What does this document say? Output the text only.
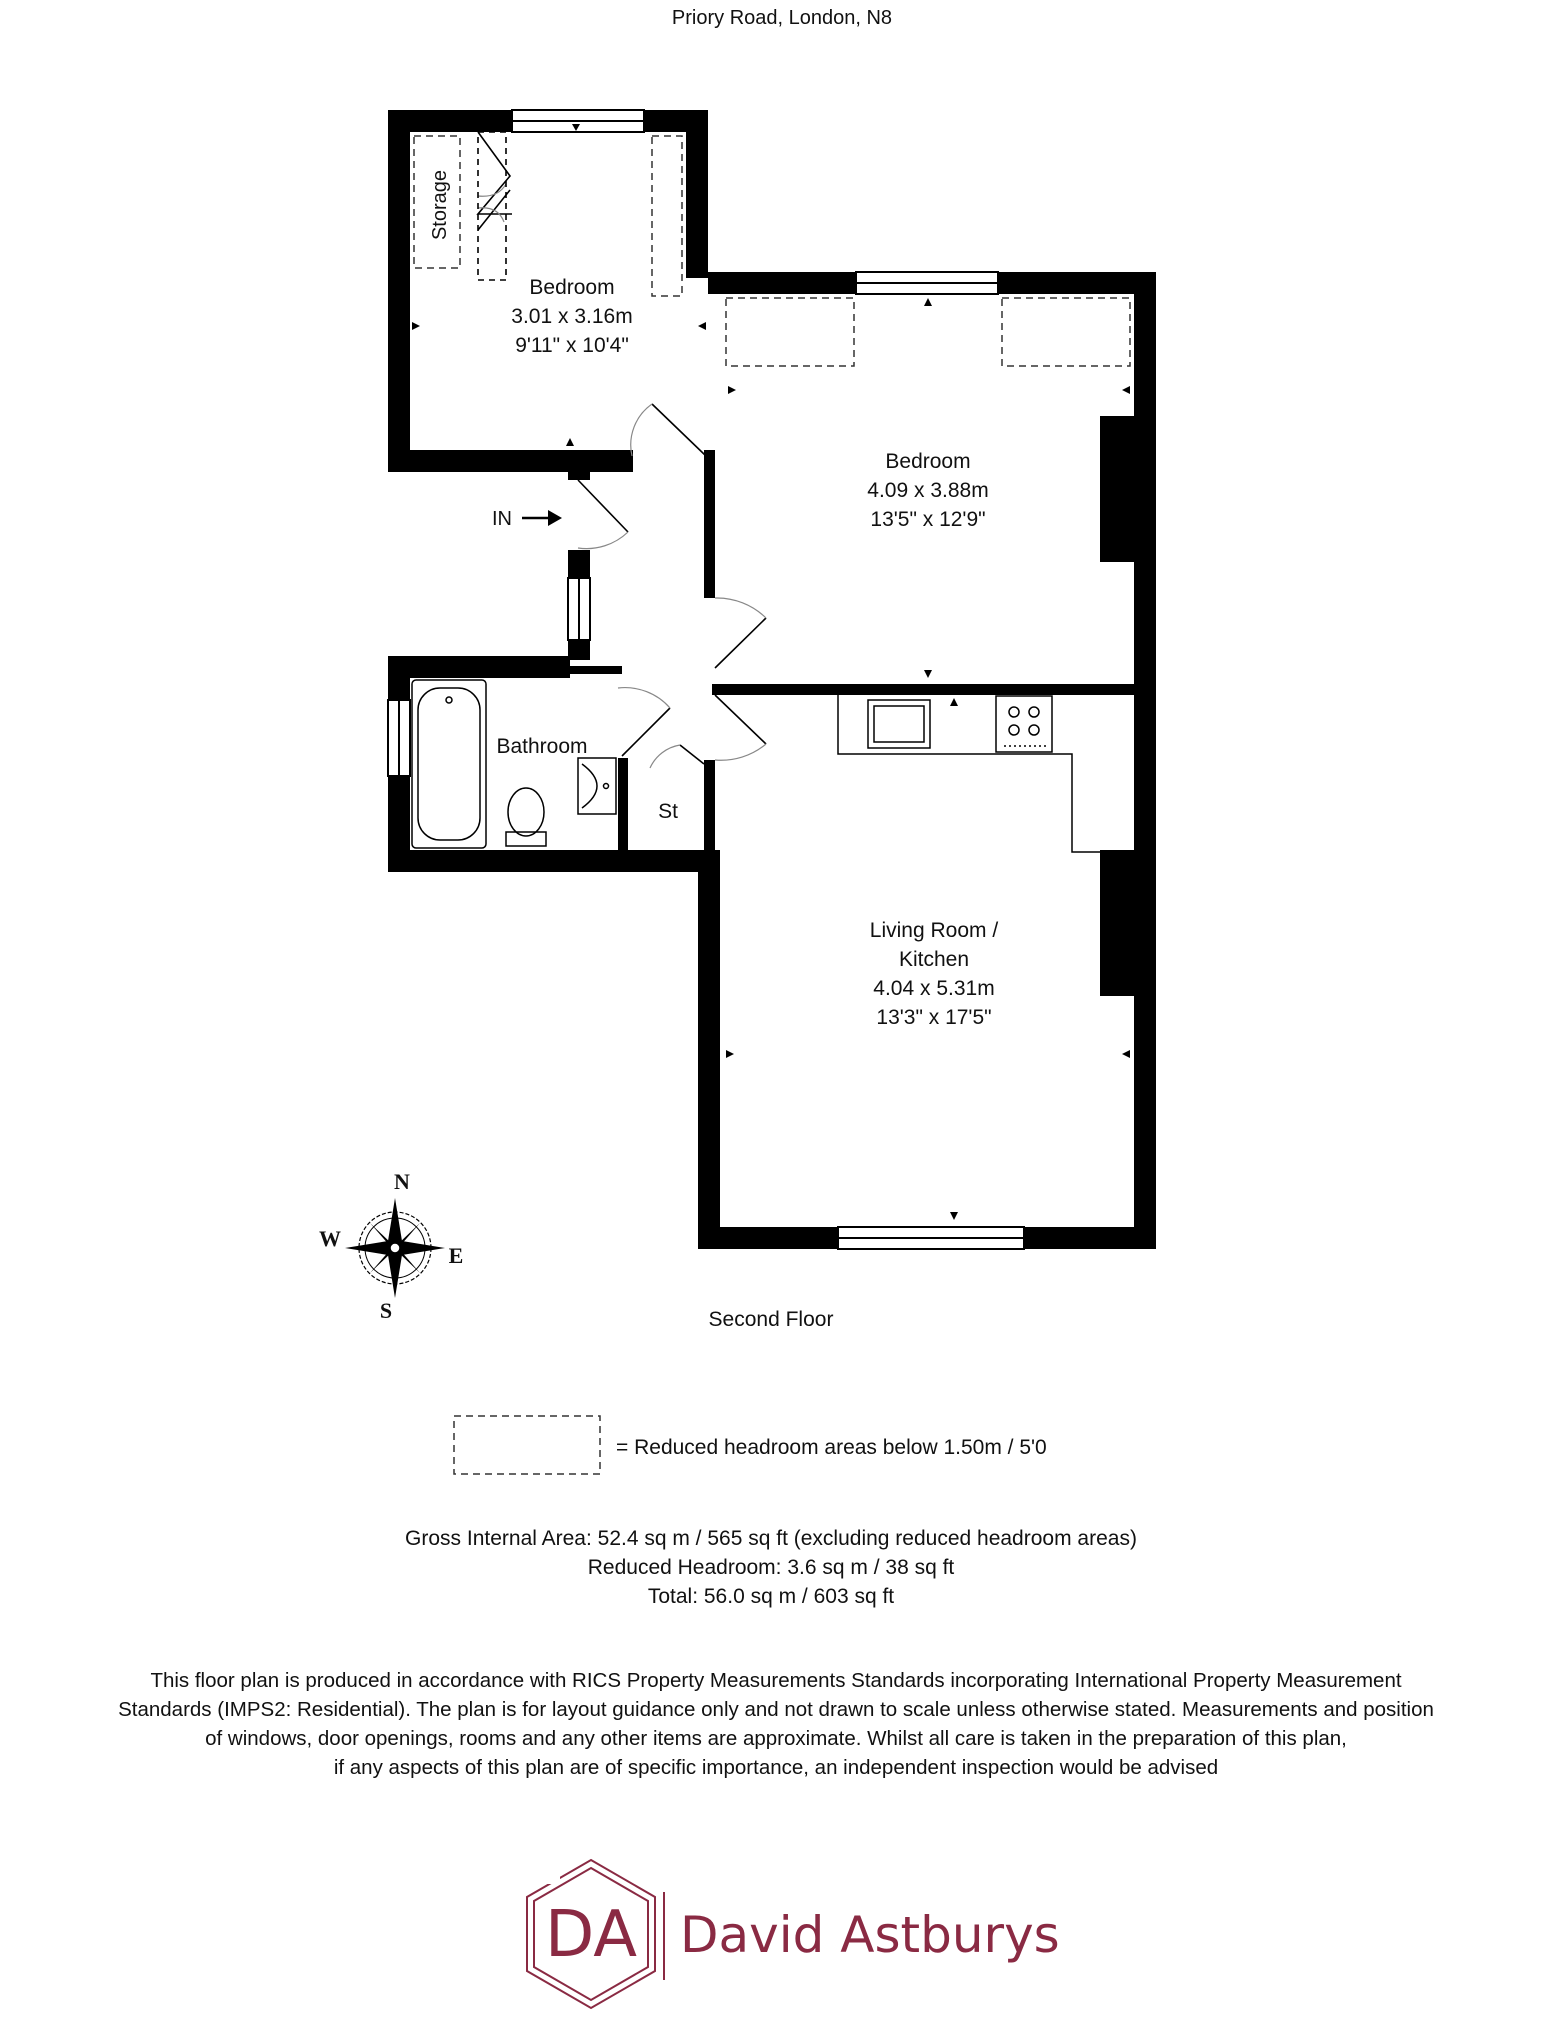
Priory Road, London, N8
IN
Storage
Bedroom
3.01 x 3.16m
9'11" x 10'4"
Bedroom
4.09 x 3.88m
13'5" x 12'9"
Bathroom
St
Living Room /
Kitchen
4.04 x 5.31m
13'3" x 17'5"
N
E
S
W
Second Floor
= Reduced headroom areas below 1.50m / 5'0
Gross Internal Area: 52.4 sq m / 565 sq ft (excluding reduced headroom areas)
Reduced Headroom: 3.6 sq m / 38 sq ft
Total: 56.0 sq m / 603 sq ft
This floor plan is produced in accordance with RICS Property Measurements Standards incorporating International Property Measurement
Standards (IMPS2: Residential). The plan is for layout guidance only and not drawn to scale unless otherwise stated. Measurements and position
of windows, door openings, rooms and any other items are approximate. Whilst all care is taken in the preparation of this plan,
if any aspects of this plan are of specific importance, an independent inspection would be advised
DA David Astburys
